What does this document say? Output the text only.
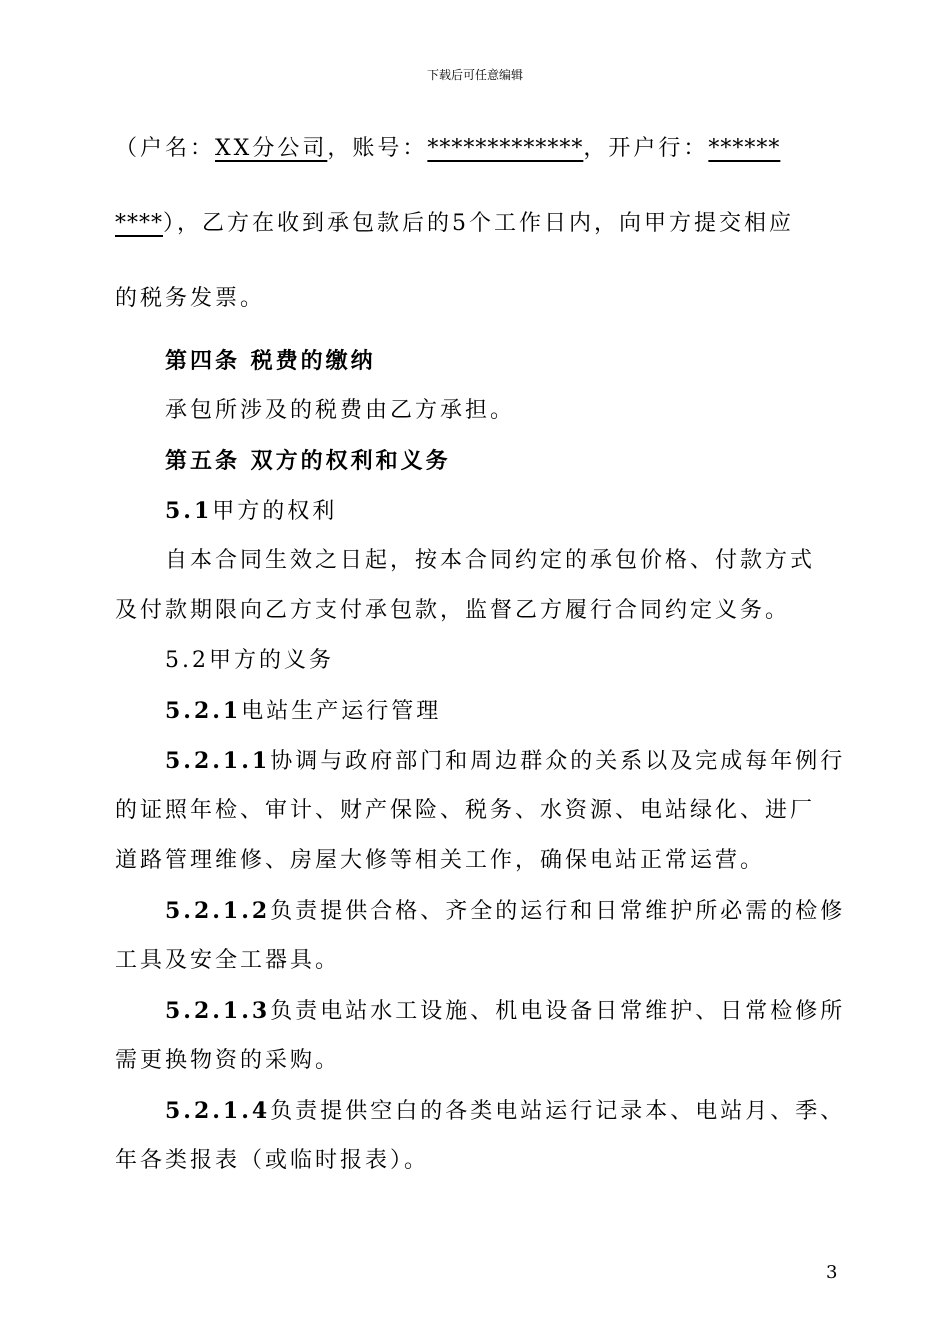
下载后可任意编辑
（户名：XX分公司，账号：*************，开户行：******
****），乙方在收到承包款后的5个工作日内，向甲方提交相应
的税务发票。
第四条 税费的缴纳
承包所涉及的税费由乙方承担。
第五条 双方的权利和义务
5.1甲方的权利
自本合同生效之日起，按本合同约定的承包价格、付款方式
及付款期限向乙方支付承包款，监督乙方履行合同约定义务。
5.2甲方的义务
5.2.1电站生产运行管理
5.2.1.1协调与政府部门和周边群众的关系以及完成每年例行
的证照年检、审计、财产保险、税务、水资源、电站绿化、进厂
道路管理维修、房屋大修等相关工作，确保电站正常运营。
5.2.1.2负责提供合格、齐全的运行和日常维护所必需的检修
工具及安全工器具。
5.2.1.3负责电站水工设施、机电设备日常维护、日常检修所
需更换物资的采购。
5.2.1.4负责提供空白的各类电站运行记录本、电站月、季、
年各类报表（或临时报表）。
3
